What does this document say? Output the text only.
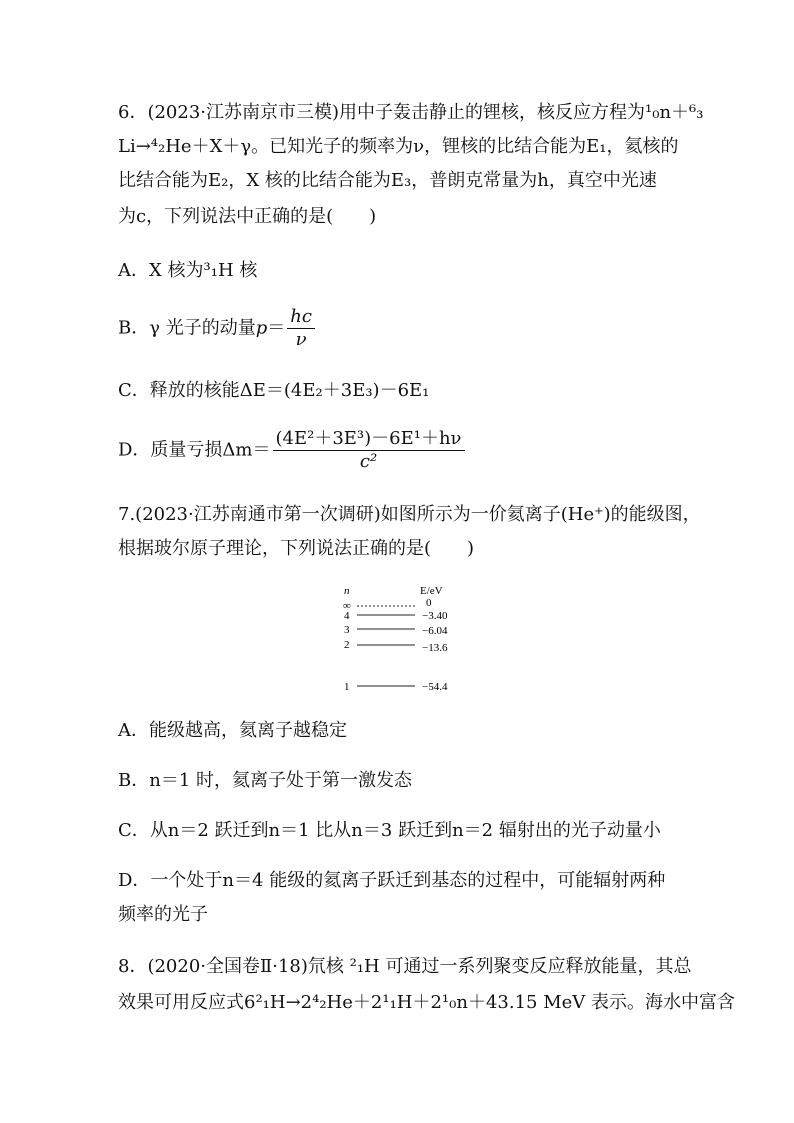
6．(2023·江苏南京市三模)用中子轰击静止的锂核，核反应方程为¹₀n＋⁶₃
Li→⁴₂He＋X＋γ。已知光子的频率为ν，锂核的比结合能为E₁，氦核的
比结合能为E₂，X 核的比结合能为E₃，普朗克常量为h，真空中光速
为c，下列说法中正确的是(　　)
A．X 核为³₁H 核
B．γ 光子的动量$p= \frac{hc}{\nu}$
C．释放的核能ΔE＝(4E₂＋3E₃)－6E₁
D．质量亏损$\Delta m= \frac{\text{(4E²＋3E³)－6E¹＋hν}}{\text{c²}}$
7.(2023·江苏南通市第一次调研)如图所示为一价氦离子(He⁺)的能级图，
根据玻尔原子理论，下列说法正确的是(　　)
n	E/eV
∞	0
4	−3.40
3	−6.04
2	−13.6
1	−54.4
A．能级越高，氦离子越稳定
B．n＝1 时，氦离子处于第一激发态
C．从n＝2 跃迁到n＝1 比从n＝3 跃迁到n＝2 辐射出的光子动量小
D．一个处于n＝4 能级的氦离子跃迁到基态的过程中，可能辐射两种
频率的光子
8．(2020·全国卷Ⅱ·18)氘核 ²₁H 可通过一系列聚变反应释放能量，其总
效果可用反应式6²₁H→2⁴₂He＋2¹₁H＋2¹₀n＋43.15 MeV 表示。海水中富含
